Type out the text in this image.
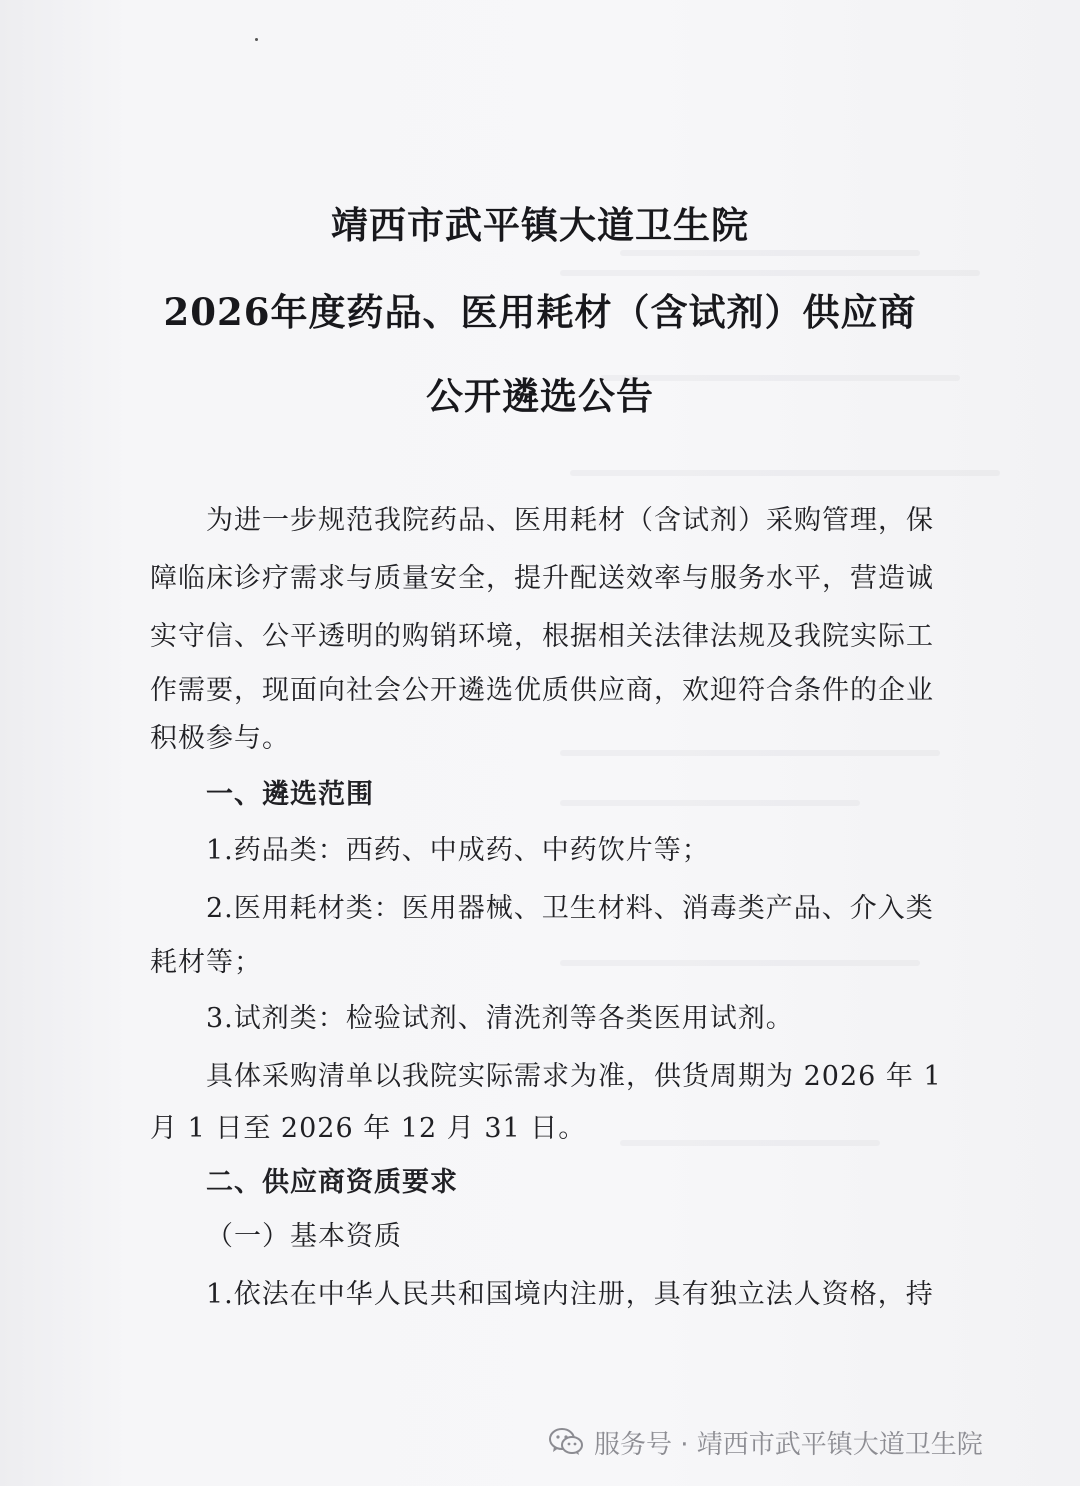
靖西市武平镇大道卫生院
2026年度药品、医用耗材（含试剂）供应商
公开遴选公告
为进一步规范我院药品、医用耗材（含试剂）采购管理，保
障临床诊疗需求与质量安全，提升配送效率与服务水平，营造诚
实守信、公平透明的购销环境，根据相关法律法规及我院实际工
作需要，现面向社会公开遴选优质供应商，欢迎符合条件的企业
积极参与。
一、遴选范围
1.药品类：西药、中成药、中药饮片等；
2.医用耗材类：医用器械、卫生材料、消毒类产品、介入类
耗材等；
3.试剂类：检验试剂、清洗剂等各类医用试剂。
具体采购清单以我院实际需求为准，供货周期为 2026 年 1
月 1 日至 2026 年 12 月 31 日。
二、供应商资质要求
（一）基本资质
1.依法在中华人民共和国境内注册，具有独立法人资格，持
服务号 · 靖西市武平镇大道卫生院
